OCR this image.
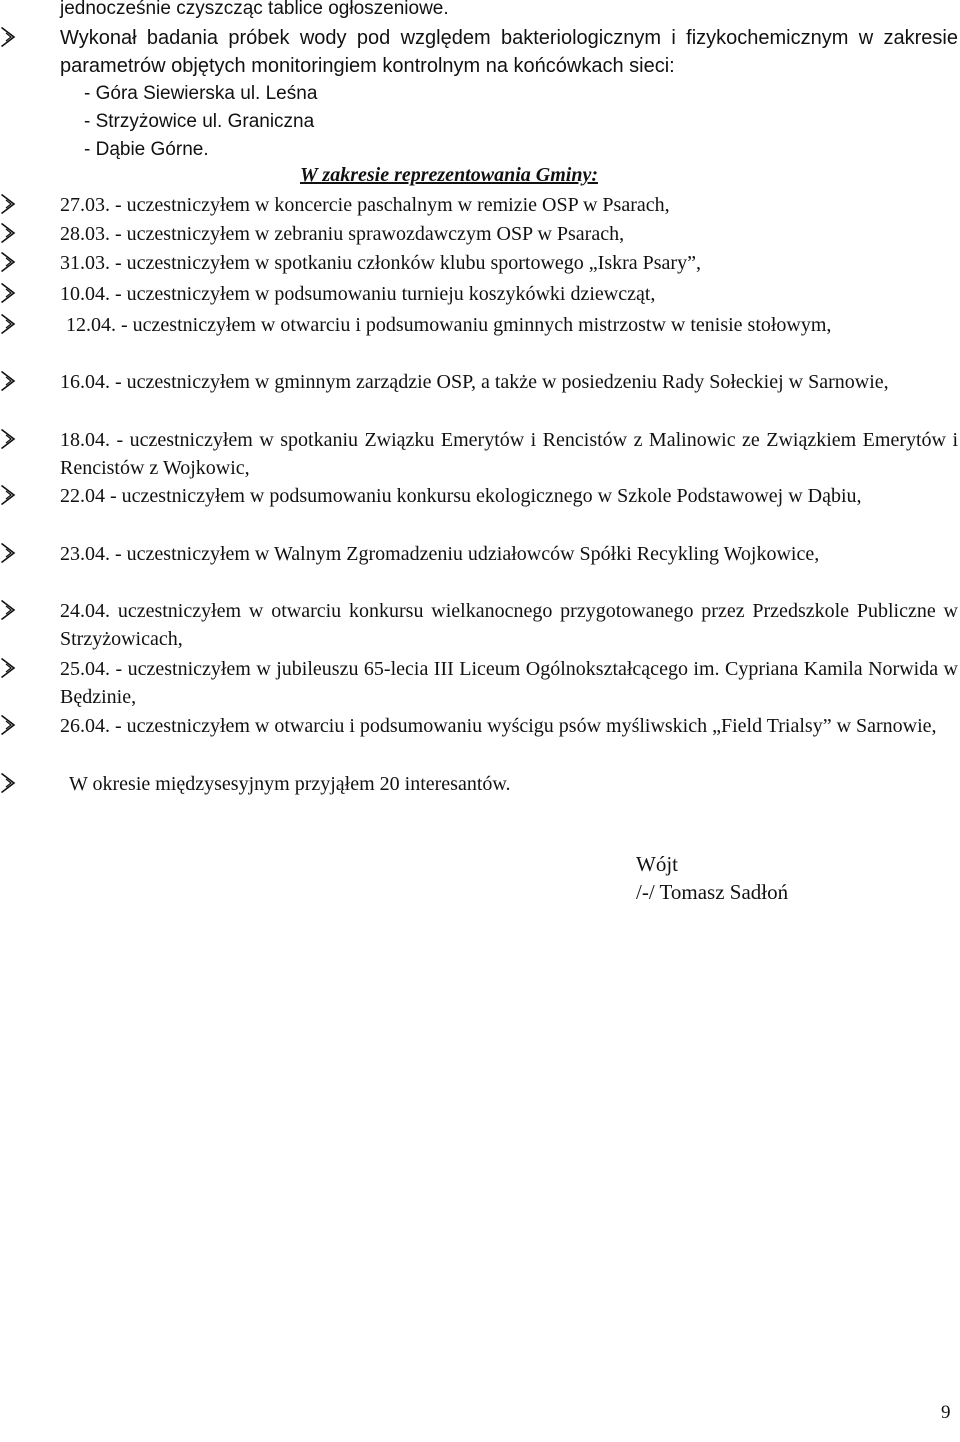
jednocześnie czyszcząc tablice ogłoszeniowe.
Wykonał badania próbek wody pod względem bakteriologicznym i fizykochemicznym w zakresie parametrów objętych monitoringiem kontrolnym na końcówkach sieci:
- Góra Siewierska ul. Leśna
- Strzyżowice ul. Graniczna
- Dąbie Górne.
W zakresie reprezentowania Gminy:
27.03. - uczestniczyłem w koncercie paschalnym w remizie OSP w Psarach,
28.03. - uczestniczyłem w zebraniu sprawozdawczym OSP w Psarach,
31.03. - uczestniczyłem w spotkaniu członków klubu sportowego „Iskra Psary”,
10.04. - uczestniczyłem w podsumowaniu turnieju koszykówki dziewcząt,
12.04. - uczestniczyłem w otwarciu i podsumowaniu gminnych mistrzostw w tenisie stołowym,
16.04. - uczestniczyłem w gminnym zarządzie OSP, a także w posiedzeniu Rady Sołeckiej w Sarnowie,
18.04. - uczestniczyłem w spotkaniu Związku Emerytów i Rencistów z Malinowic ze Związkiem Emerytów i Rencistów z Wojkowic,
22.04 - uczestniczyłem w podsumowaniu konkursu ekologicznego w Szkole Podstawowej w Dąbiu,
23.04. - uczestniczyłem w Walnym Zgromadzeniu udziałowców Spółki Recykling Wojkowice,
24.04. uczestniczyłem w otwarciu konkursu wielkanocnego przygotowanego przez Przedszkole Publiczne w Strzyżowicach,
25.04. - uczestniczyłem w jubileuszu 65-lecia III Liceum Ogólnokształcącego im. Cypriana Kamila Norwida w Będzinie,
26.04. - uczestniczyłem w otwarciu i podsumowaniu wyścigu psów myśliwskich „Field Trialsy” w Sarnowie,
W okresie międzysesyjnym przyjąłem 20 interesantów.
Wójt
/-/ Tomasz Sadłoń
9
